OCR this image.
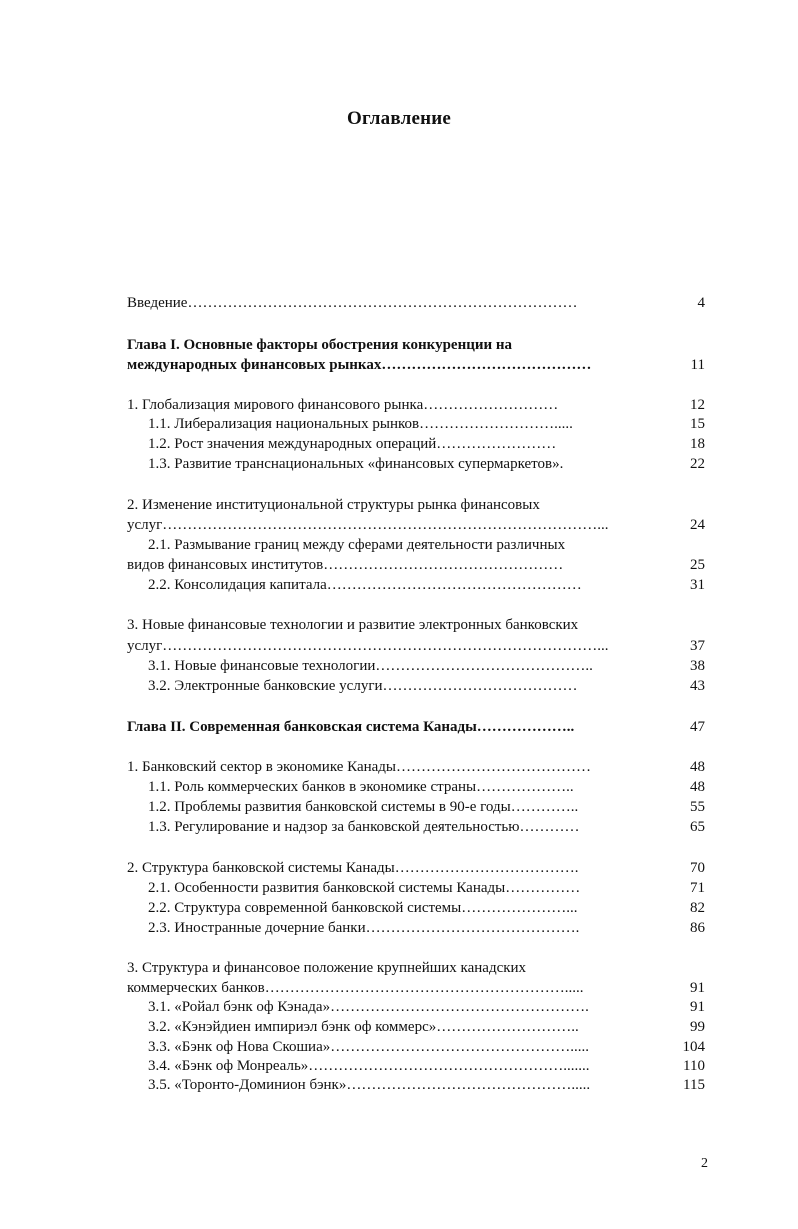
Оглавление
Введение……………………………………………………………………	4
Глава I. Основные факторы обострения конкуренции на
международных финансовых рынках……………………………………	11
1. Глобализация мирового финансового рынка………………………	12
1.1. Либерализация национальных рынков……………………….....	15
1.2. Рост значения международных операций……………………	18
1.3. Развитие транснациональных «финансовых супермаркетов».	22
2. Изменение институциональной структуры рынка финансовых
услуг……………………………………………………………………………...	24
2.1. Размывание границ между сферами деятельности различных
видов финансовых институтов…………………………………………	25
2.2. Консолидация капитала……………………………………………	31
3. Новые финансовые технологии и развитие электронных банковских
услуг……………………………………………………………………………...	37
3.1. Новые финансовые технологии……………………………………..	38
3.2. Электронные банковские услуги…………………………………	43
Глава II. Современная банковская система Канады………………..	47
1. Банковский сектор в экономике Канады…………………………………	48
1.1. Роль коммерческих банков в экономике страны………………..	48
1.2. Проблемы развития банковской системы в 90-е годы…………..	55
1.3. Регулирование и надзор за банковской деятельностью…………	65
2. Структура банковской системы Канады……………………………….	70
2.1. Особенности развития банковской системы Канады……………	71
2.2. Структура современной банковской системы…………………...	82
2.3. Иностранные дочерние банки…………………………………….	86
3. Структура и финансовое положение крупнейших канадских
коммерческих банков…………………………………………………….....	91
3.1. «Ройал бэнк оф Кэнада»…………………………………………….	91
3.2. «Кэнэйдиен импириэл бэнк оф коммерс»………………………..	99
3.3. «Бэнк оф Нова Скошиа»………………………………………….....	104
3.4. «Бэнк оф Монреаль»…………………………………………….......	110
3.5. «Торонто-Доминион бэнк»……………………………………….....	115
2
